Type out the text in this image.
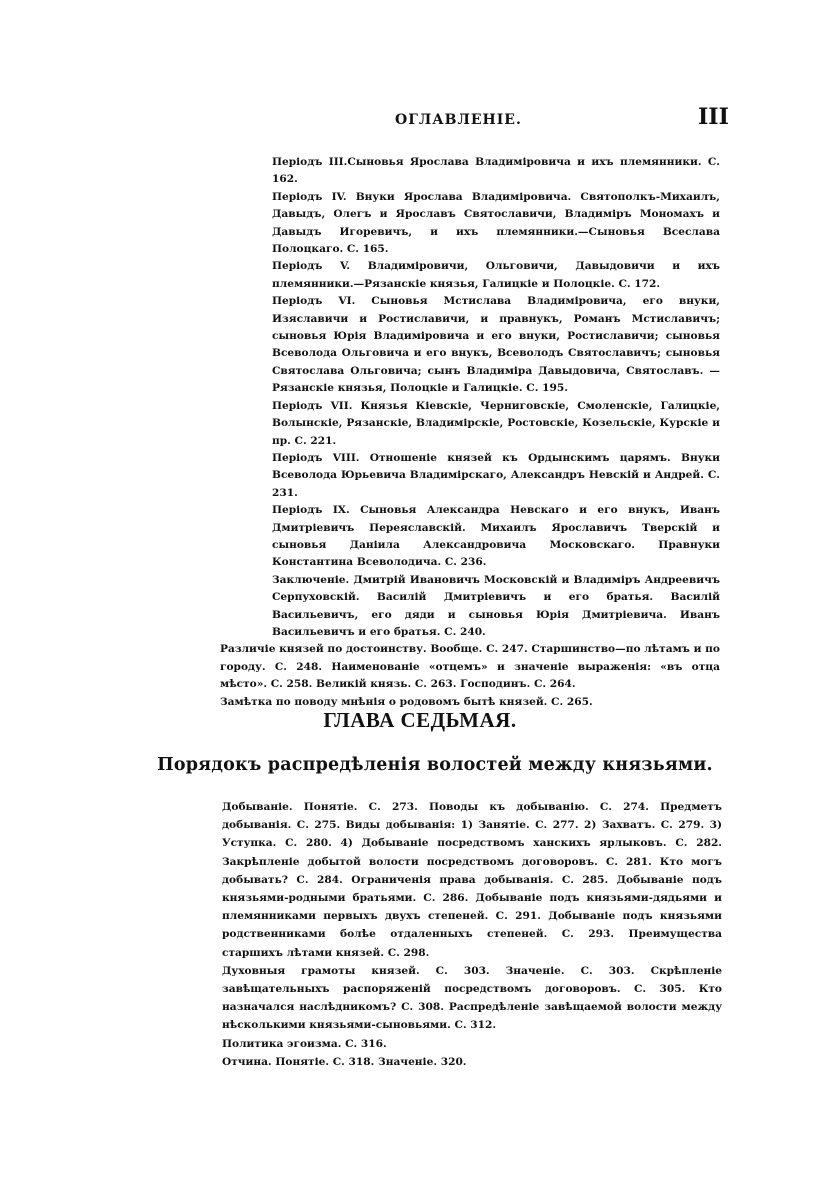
ОГЛАВЛЕНІЕ.	III

Періодъ III.Сыновья Ярослава Владиміровича и ихъ племянники. С. 162.

Періодъ IV. Внуки Ярослава Владиміровича. Святополкъ-Михаилъ, Давыдъ, Олегъ и Ярославъ Святославичи, Владиміръ Мономахъ и Давыдъ Игоревичъ, и ихъ племянники.—Сыновья Всеслава Полоцкаго. С. 165.

Періодъ V. Владиміровичи, Ольговичи, Давыдовичи и ихъ племянники.—Рязанскіе князья, Галицкіе и Полоцкіе. С. 172.

Періодъ VI. Сыновья Мстислава Владиміровича, его внуки, Изяславичи и Ростиславичи, и правнукъ, Романъ Мстиславичъ; сыновья Юрія Владиміровича и его внуки, Ростиславичи; сыновья Всеволода Ольговича и его внукъ, Всеволодъ Святославичъ; сыновья Святослава Ольговича; сынъ Владиміра Давыдовича, Святославъ. — Рязанскіе князья, Полоцкіе и Галицкіе. С. 195.

Періодъ VII. Князья Кіевскіе, Черниговскіе, Смоленскіе, Галицкіе, Волынскіе, Рязанскіе, Владимірскіе, Ростовскіе, Козельскіе, Курскіе и пр. С. 221.

Періодъ VIII. Отношеніе князей къ Ордынскимъ царямъ. Внуки Всеволода Юрьевича Владимірскаго, Александръ Невскій и Андрей. С. 231.

Періодъ IX. Сыновья Александра Невскаго и его внукъ, Иванъ Дмитріевичъ Переяславскій. Михаилъ Ярославичъ Тверскій и сыновья Даніила Александровича Московскаго. Правнуки Константина Всеволодича. С. 236.

Заключеніе. Дмитрій Ивановичъ Московскій и Владиміръ Андреевичъ Серпуховскій. Василій Дмитріевичъ и его братья. Василій Васильевичъ, его дяди и сыновья Юрія Дмитріевича. Иванъ Васильевичъ и его братья. С. 240.

Различіе князей по достоинству. Вообще. С. 247. Старшинство—по лѣтамъ и по городу. С. 248. Наименованіе «отцемъ» и значеніе выраженія: «въ отца мѣсто». С. 258. Великій князь. С. 263. Господинъ. С. 264.

Замѣтка по поводу мнѣнія о родовомъ бытѣ князей. С. 265.

ГЛАВА СЕДЬМАЯ.
Порядокъ распредѣленія волостей между князьями.

Добываніе. Понятіе. С. 273. Поводы къ добыванію. С. 274. Предметъ добыванія. С. 275. Виды добыванія: 1) Занятіе. С. 277. 2) Захватъ. С. 279. 3) Уступка. С. 280. 4) Добываніе посредствомъ ханскихъ ярлыковъ. С. 282. Закрѣпленіе добытой волости посредствомъ договоровъ. С. 281. Кто могъ добывать? С. 284. Ограниченія права добыванія. С. 285. Добываніе подъ князьями-родными братьями. С. 286. Добываніе подъ князьями-дядьями и племянниками первыхъ двухъ степеней. С. 291. Добываніе подъ князьями родственниками болѣе отдаленныхъ степеней. С. 293. Преимущества старшихъ лѣтами князей. С. 298.

Духовныя грамоты князей. С. 303. Значеніе. С. 303. Скрѣпленіе завѣщательныхъ распоряженій посредствомъ договоровъ. С. 305. Кто назначался наслѣдникомъ? С. 308. Распредѣленіе завѣщаемой волости между нѣсколькими князьями-сыновьями. С. 312.

Политика эгоизма. С. 316.

Отчина. Понятіе. С. 318. Значеніе. 320.
